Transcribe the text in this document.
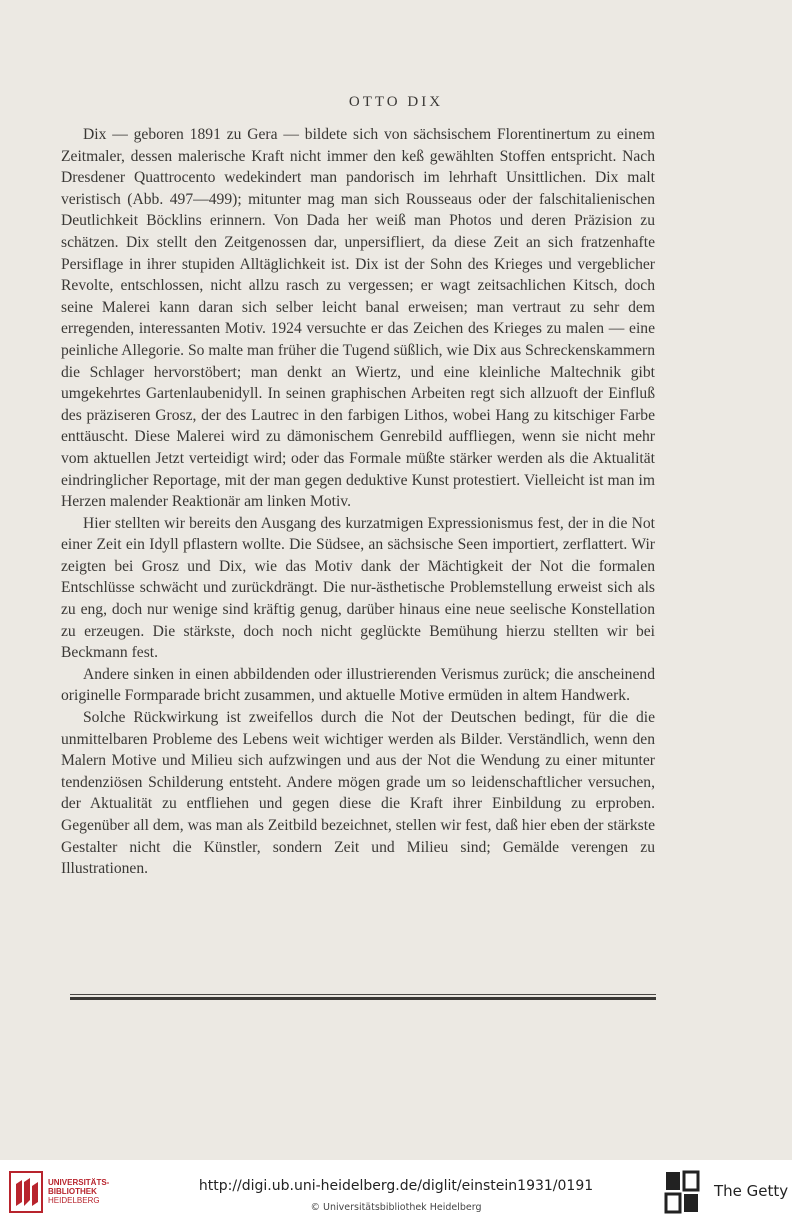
OTTO DIX

Dix — geboren 1891 zu Gera — bildete sich von sächsischem Florentinertum zu einem Zeitmaler, dessen malerische Kraft nicht immer den keß gewählten Stoffen entspricht. Nach Dresdener Quattrocento wedekindert man pandorisch im lehrhaft Unsittlichen. Dix malt veristisch (Abb. 497—499); mitunter mag man sich Rousseaus oder der falschitalienischen Deutlichkeit Böcklins erinnern. Von Dada her weiß man Photos und deren Präzision zu schätzen. Dix stellt den Zeitgenossen dar, unpersifliert, da diese Zeit an sich fratzenhafte Persiflage in ihrer stupiden Alltäglichkeit ist. Dix ist der Sohn des Krieges und vergeblicher Revolte, entschlossen, nicht allzu rasch zu vergessen; er wagt zeitsachlichen Kitsch, doch seine Malerei kann daran sich selber leicht banal erweisen; man vertraut zu sehr dem erregenden, interessanten Motiv. 1924 versuchte er das Zeichen des Krieges zu malen — eine peinliche Allegorie. So malte man früher die Tugend süßlich, wie Dix aus Schreckenskammern die Schlager hervorstöbert; man denkt an Wiertz, und eine kleinliche Maltechnik gibt umgekehrtes Gartenlaubenidyll. In seinen graphischen Arbeiten regt sich allzuoft der Einfluß des präziseren Grosz, der des Lautrec in den farbigen Lithos, wobei Hang zu kitschiger Farbe enttäuscht. Diese Malerei wird zu dämonischem Genrebild auffliegen, wenn sie nicht mehr vom aktuellen Jetzt verteidigt wird; oder das Formale müßte stärker werden als die Aktualität eindringlicher Reportage, mit der man gegen deduktive Kunst protestiert. Vielleicht ist man im Herzen malender Reaktionär am linken Motiv.

Hier stellten wir bereits den Ausgang des kurzatmigen Expressionismus fest, der in die Not einer Zeit ein Idyll pflastern wollte. Die Südsee, an sächsische Seen importiert, zerflattert. Wir zeigten bei Grosz und Dix, wie das Motiv dank der Mächtigkeit der Not die formalen Entschlüsse schwächt und zurückdrängt. Die nur-ästhetische Problemstellung erweist sich als zu eng, doch nur wenige sind kräftig genug, darüber hinaus eine neue seelische Konstellation zu erzeugen. Die stärkste, doch noch nicht geglückte Bemühung hierzu stellten wir bei Beckmann fest.

Andere sinken in einen abbildenden oder illustrierenden Verismus zurück; die anscheinend originelle Formparade bricht zusammen, und aktuelle Motive ermüden in altem Handwerk.

Solche Rückwirkung ist zweifellos durch die Not der Deutschen bedingt, für die die unmittelbaren Probleme des Lebens weit wichtiger werden als Bilder. Verständlich, wenn den Malern Motive und Milieu sich aufzwingen und aus der Not die Wendung zu einer mitunter tendenziösen Schilderung entsteht. Andere mögen grade um so leidenschaftlicher versuchen, der Aktualität zu entfliehen und gegen diese die Kraft ihrer Einbildung zu erproben. Gegenüber all dem, was man als Zeitbild bezeichnet, stellen wir fest, daß hier eben der stärkste Gestalter nicht die Künstler, sondern Zeit und Milieu sind; Gemälde verengen zu Illustrationen.

UNIVERSITÄTS-
BIBLIOTHEK
HEIDELBERG
http://digi.ub.uni-heidelberg.de/diglit/einstein1931/0191
© Universitätsbibliothek Heidelberg
The Getty
